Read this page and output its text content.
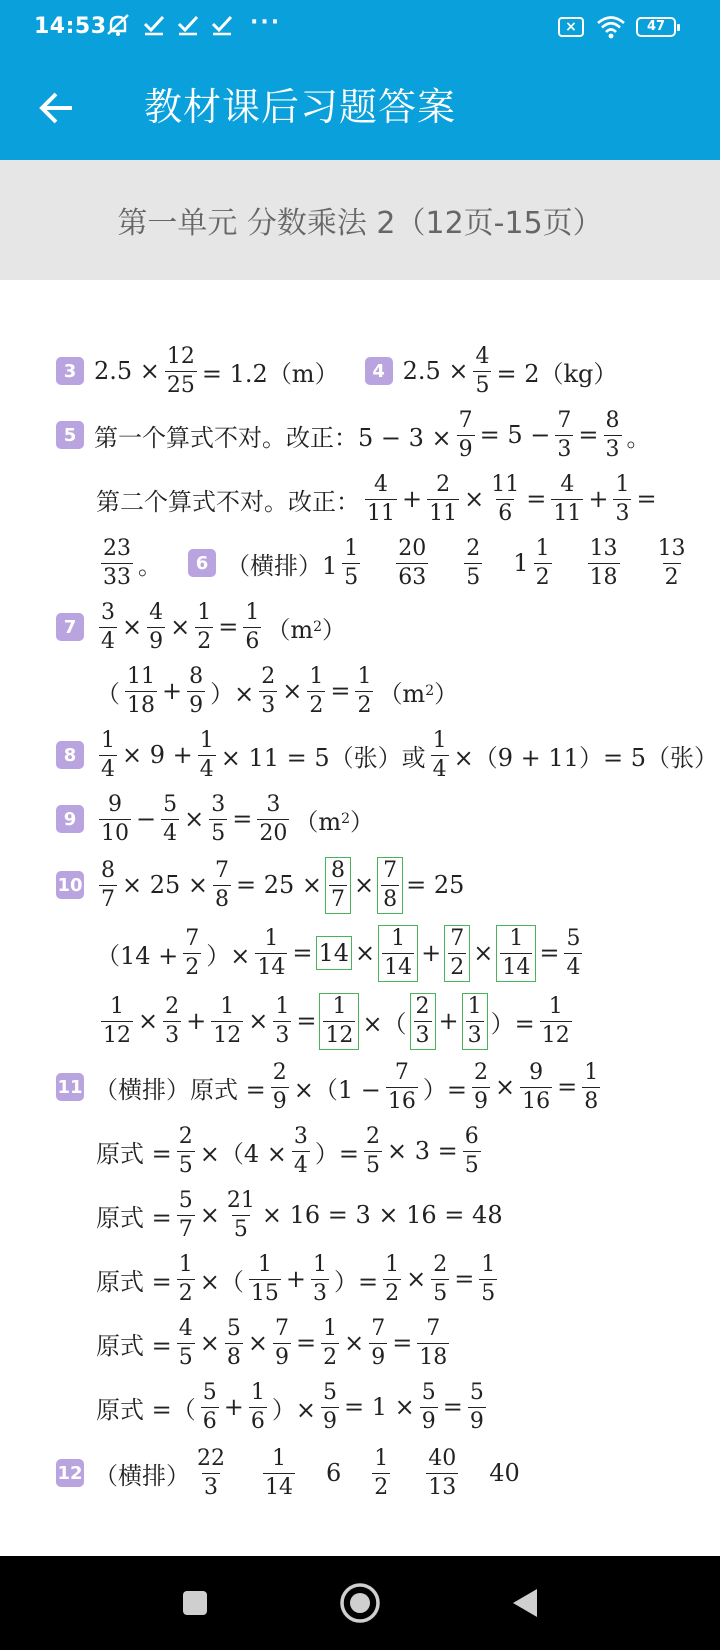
14:53	···	×	47
教材课后习题答案
第一单元 分数乘法 2（12页-15页）
3 $2.5 \times \frac{12}{25} = 1.2(m)$	4 $2.5 \times \frac{4}{5} = 2(kg)$
5 第一个算式不对。改正：$5 - 3 \times \frac{7}{9} = 5 - \frac{7}{3} = \frac{8}{3}$ 。
第二个算式不对。改正： $\frac{4}{11} + \frac{2}{11} \times \frac{11}{6} = \frac{4}{11} + \frac{1}{3}$ =
$\frac{23}{33}$ 。	6 （横排）$1 \frac{1}{5} \frac{20}{63} \frac{2}{5} 1 \frac{1}{2} \frac{13}{18} \frac{13}{2}$
7	$\frac{3}{4} \times \frac{4}{9} \times \frac{1}{2} = \frac{1}{6} (m$ 2 ）
（ $\frac{11}{18} + \frac{8}{9}$ ）× $\frac{2}{3} \times \frac{1}{2} = \frac{1}{2} (m$ 2 ）
8	$\frac{1}{4} \times 9 + \frac{1}{4} \times 11 = 5$（张）或 $\frac{1}{4} \times(9 + 11)= 5$（张）
9	$\frac{9}{10} - \frac{5}{4} \times \frac{3}{5} = \frac{3}{20} (m$ 2 ）
$10 \frac{8}{7} \times 25 \times \frac{7}{8} = 25 \times \frac{8}{7} \times \frac{7}{8} = 25$
（$14 + \frac{7}{2}$ ）× $\frac{1}{14} = 14 \times \frac{1}{14} + \frac{7}{2} \times \frac{1}{14} = \frac{5}{4}$
$\frac{1}{12} \times \frac{2}{3} + \frac{1}{12} \times \frac{1}{3} = \frac{1}{12}$ ×（ $\frac{2}{3} + \frac{1}{3}$ ）= $\frac{1}{12}$
11 （横排）原式 = $\frac{2}{9} \times(1 - \frac{7}{16}$ ）= $\frac{2}{9} \times \frac{9}{16} = \frac{1}{8}$
原式 = $\frac{2}{5} \times(4 \times \frac{3}{4}$ ）= $\frac{2}{5} \times 3 = \frac{6}{5}$
原式 = $\frac{5}{7} \times \frac{21}{5} \times 16 = 3 \times 16 = 48$
原式 = $\frac{1}{2}$ ×（ $\frac{1}{15} + \frac{1}{3}$ ）= $\frac{1}{2} \times \frac{2}{5} = \frac{1}{5}$
原式 = $\frac{4}{5} \times \frac{5}{8} \times \frac{7}{9} = \frac{1}{2} \times \frac{7}{9} = \frac{7}{18}$
原式 =（ $\frac{5}{6} + \frac{1}{6}$ ）× $\frac{5}{9} = 1 \times \frac{5}{9} = \frac{5}{9}$
12 （横排） $\frac{22}{3} \frac{1}{14} 6 \frac{1}{2} \frac{40}{13} 40$
